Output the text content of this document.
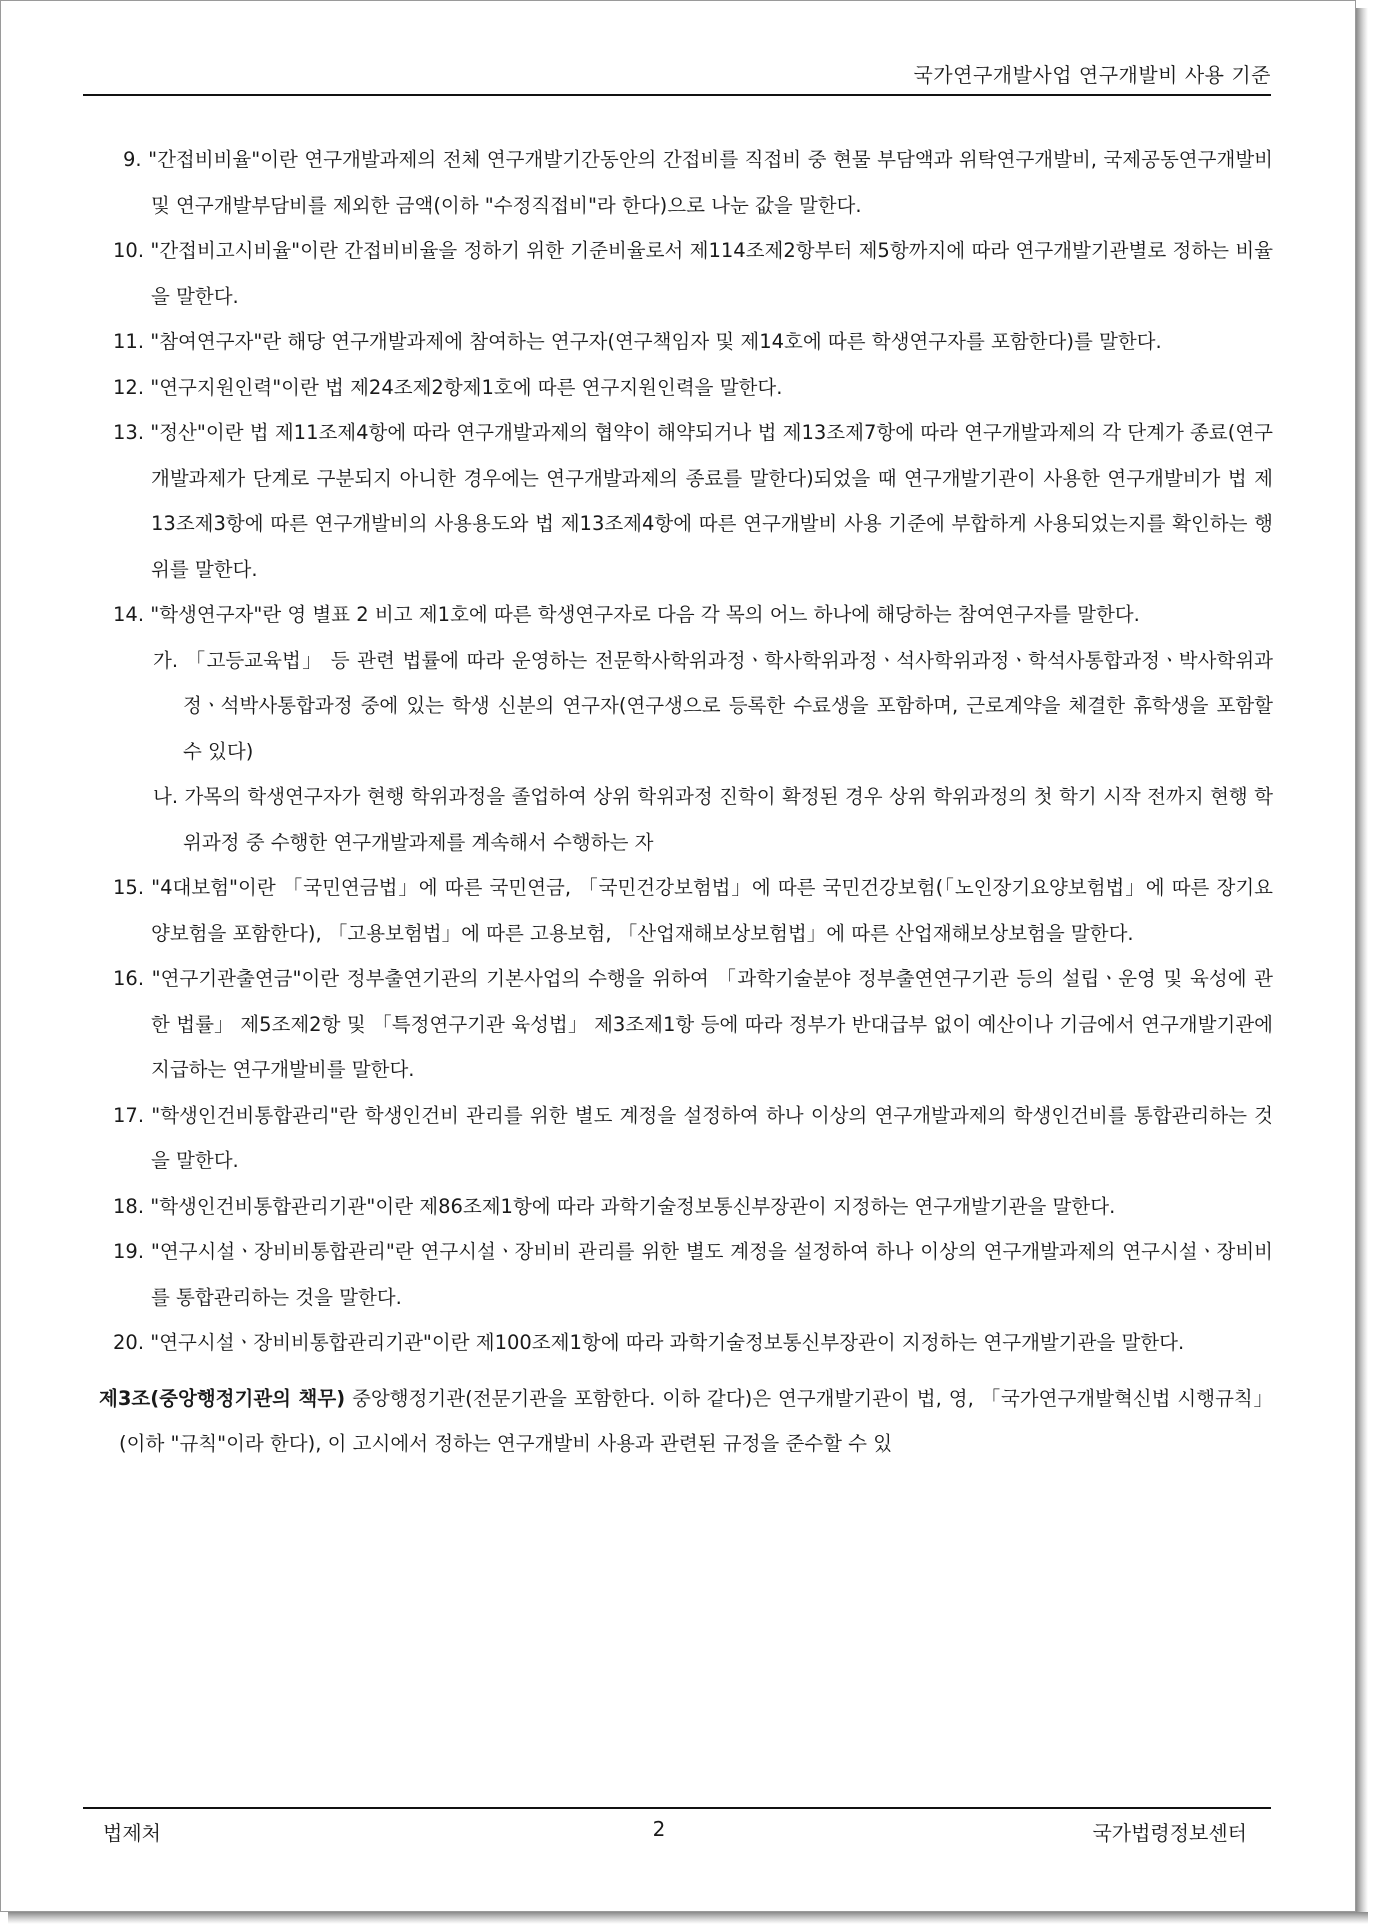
국가연구개발사업 연구개발비 사용 기준
9. "간접비비율"이란 연구개발과제의 전체 연구개발기간동안의 간접비를 직접비 중 현물 부담액과 위탁연구개발비, 국제공동연구개발비 및 연구개발부담비를 제외한 금액(이하 "수정직접비"라 한다)으로 나눈 값을 말한다.
10. "간접비고시비율"이란 간접비비율을 정하기 위한 기준비율로서 제114조제2항부터 제5항까지에 따라 연구개발기관별로 정하는 비율을 말한다.
11. "참여연구자"란 해당 연구개발과제에 참여하는 연구자(연구책임자 및 제14호에 따른 학생연구자를 포함한다)를 말한다.
12. "연구지원인력"이란 법 제24조제2항제1호에 따른 연구지원인력을 말한다.
13. "정산"이란 법 제11조제4항에 따라 연구개발과제의 협약이 해약되거나 법 제13조제7항에 따라 연구개발과제의 각 단계가 종료(연구개발과제가 단계로 구분되지 아니한 경우에는 연구개발과제의 종료를 말한다)되었을 때 연구개발기관이 사용한 연구개발비가 법 제13조제3항에 따른 연구개발비의 사용용도와 법 제13조제4항에 따른 연구개발비 사용 기준에 부합하게 사용되었는지를 확인하는 행위를 말한다.
14. "학생연구자"란 영 별표 2 비고 제1호에 따른 학생연구자로 다음 각 목의 어느 하나에 해당하는 참여연구자를 말한다.
가. 「고등교육법」 등 관련 법률에 따라 운영하는 전문학사학위과정ㆍ학사학위과정ㆍ석사학위과정ㆍ학석사통합과정ㆍ박사학위과정ㆍ석박사통합과정 중에 있는 학생 신분의 연구자(연구생으로 등록한 수료생을 포함하며, 근로계약을 체결한 휴학생을 포함할 수 있다)
나. 가목의 학생연구자가 현행 학위과정을 졸업하여 상위 학위과정 진학이 확정된 경우 상위 학위과정의 첫 학기 시작 전까지 현행 학위과정 중 수행한 연구개발과제를 계속해서 수행하는 자
15. "4대보험"이란 「국민연금법」에 따른 국민연금, 「국민건강보험법」에 따른 국민건강보험(「노인장기요양보험법」에 따른 장기요양보험을 포함한다), 「고용보험법」에 따른 고용보험, 「산업재해보상보험법」에 따른 산업재해보상보험을 말한다.
16. "연구기관출연금"이란 정부출연기관의 기본사업의 수행을 위하여 「과학기술분야 정부출연연구기관 등의 설립ㆍ운영 및 육성에 관한 법률」 제5조제2항 및 「특정연구기관 육성법」 제3조제1항 등에 따라 정부가 반대급부 없이 예산이나 기금에서 연구개발기관에 지급하는 연구개발비를 말한다.
17. "학생인건비통합관리"란 학생인건비 관리를 위한 별도 계정을 설정하여 하나 이상의 연구개발과제의 학생인건비를 통합관리하는 것을 말한다.
18. "학생인건비통합관리기관"이란 제86조제1항에 따라 과학기술정보통신부장관이 지정하는 연구개발기관을 말한다.
19. "연구시설ㆍ장비비통합관리"란 연구시설ㆍ장비비 관리를 위한 별도 계정을 설정하여 하나 이상의 연구개발과제의 연구시설ㆍ장비비를 통합관리하는 것을 말한다.
20. "연구시설ㆍ장비비통합관리기관"이란 제100조제1항에 따라 과학기술정보통신부장관이 지정하는 연구개발기관을 말한다.
제3조(중앙행정기관의 책무) 중앙행정기관(전문기관을 포함한다. 이하 같다)은 연구개발기관이 법, 영, 「국가연구개발혁신법 시행규칙」(이하 "규칙"이라 한다), 이 고시에서 정하는 연구개발비 사용과 관련된 규정을 준수할 수 있
법제처	2	국가법령정보센터
